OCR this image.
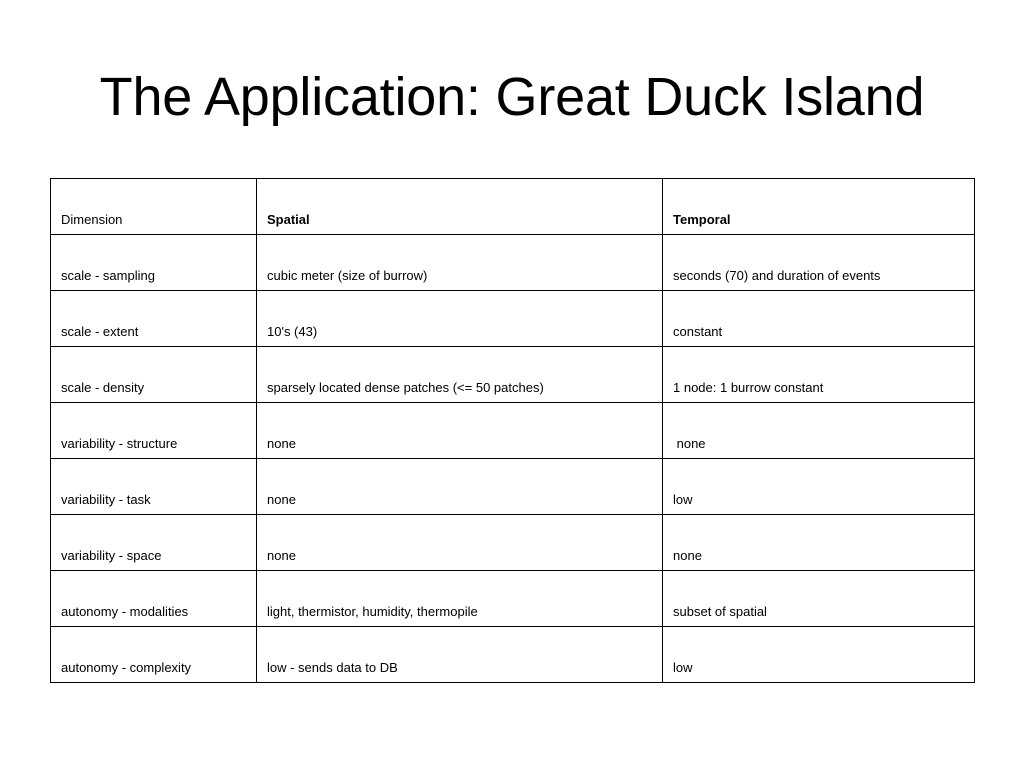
The Application: Great Duck Island
Dimension	Spatial	Temporal
scale - sampling	cubic meter (size of burrow)	seconds (70) and duration of events
scale - extent	10's (43)	constant
scale - density	sparsely located dense patches (<= 50 patches)	1 node: 1 burrow constant
variability - structure	none	none
variability - task	none	low
variability - space	none	none
autonomy - modalities	light, thermistor, humidity, thermopile	subset of spatial
autonomy - complexity	low - sends data to DB	low
